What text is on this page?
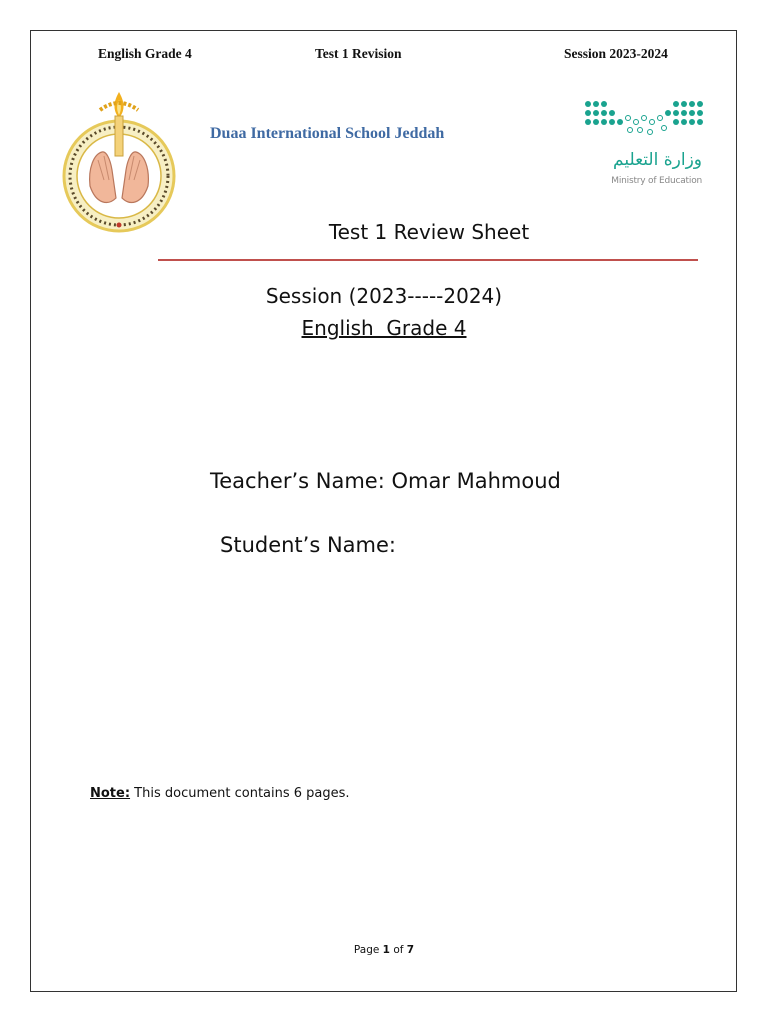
English Grade 4	Test 1 Revision	Session 2023-2024
Duaa International School Jeddah
وزارة التعليم
Ministry of Education
Test 1 Review Sheet
Session (2023-----2024)
English  Grade 4
Teacher’s Name: Omar Mahmoud
Student’s Name:
Note: This document contains 6 pages.
Page 1 of 7
